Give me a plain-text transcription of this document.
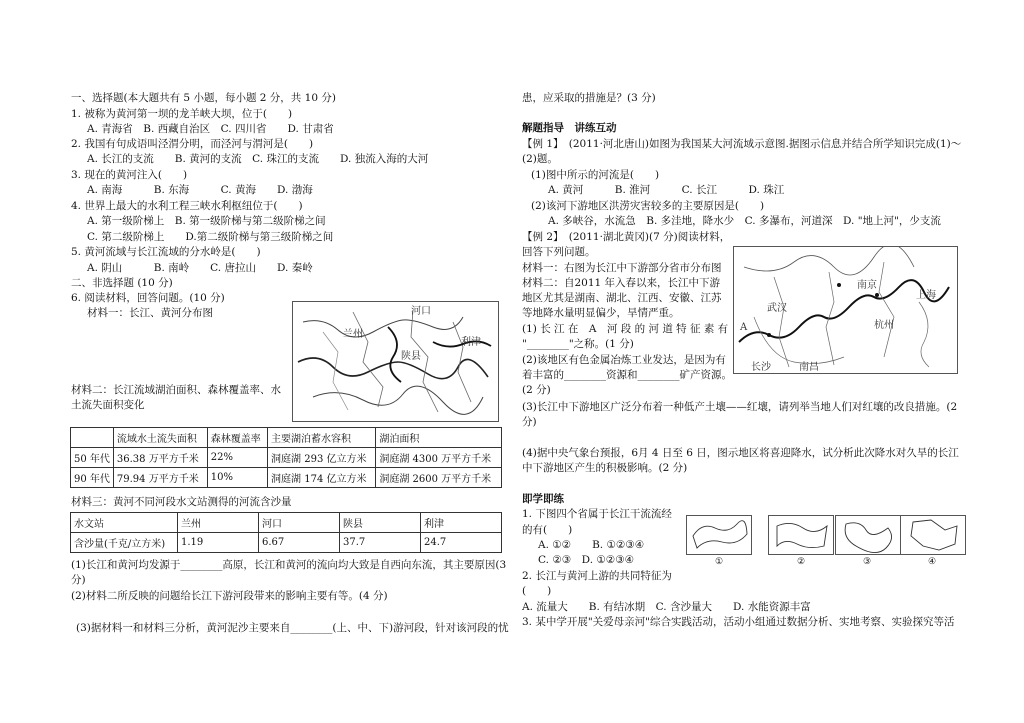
一、选择题(本大题共有 5 小题，每小题 2 分，共 10 分)
1. 被称为黄河第一坝的龙羊峡大坝，位于(　　)
A. 青海省　B. 西藏自治区　C. 四川省　　D. 甘肃省
2. 我国有句成语叫泾渭分明，而泾河与渭河是(　　)
A. 长江的支流　　B. 黄河的支流　C. 珠江的支流　　D. 独流入海的大河
3. 现在的黄河注入(　　)
A. 南海　　　B. 东海　　　C. 黄海　　D. 渤海
4. 世界上最大的水利工程三峡水利枢纽位于(　　)
A. 第一级阶梯上　B. 第一级阶梯与第二级阶梯之间
C. 第二级阶梯上　　D.第二级阶梯与第三级阶梯之间
5. 黄河流域与长江流域的分水岭是(　　)
A. 阴山　　　B. 南岭　　C. 唐拉山　　D. 秦岭
二、非选择题 (10 分)
6. 阅读材料，回答问题。(10 分)
材料一：长江、黄河分布图
兰州
河口
利津
陕县
材料二：长江流域湖泊面积、森林覆盖率、水
土流失面积变化
	流域水土流失面积	森林覆盖率	主要湖泊蓄水容积	湖泊面积
50 年代	36.38 万平方千米	22%	洞庭湖 293 亿立方米	洞庭湖 4300 万平方千米
90 年代	79.94 万平方千米	10%	洞庭湖 174 亿立方米	洞庭湖 2600 万平方千米
材料三：黄河不同河段水文站测得的河流含沙量
水文站	兰州	河口	陕县	利津
含沙量(千克/立方米)	1.19	6.67	37.7	24.7
(1)长江和黄河均发源于________高原，长江和黄河的流向均大致是自西向东流，其主要原因(3
分)
(2)材料二所反映的问题给长江下游河段带来的影响主要有等。(4 分)
(3)据材料一和材料三分析，黄河泥沙主要来自________(上、中、下)游河段，针对该河段的忧
患，应采取的措施是？(3 分)
解题指导　讲练互动
【例 1】　(2011·河北唐山)如图为我国某大河流域示意图.据图示信息并结合所学知识完成(1)～
(2)题。
(1)图中所示的河流是(　　)
A. 黄河　　　B. 淮河　　　C. 长江　　　D. 珠江
(2)该河下游地区洪涝灾害较多的主要原因是(　　)
A. 多峡谷，水流急　B. 多洼地，降水少　C. 多瀑布，河道深　D. "地上河"，少支流
【例 2】　(2011·湖北黄冈)(7 分)阅读材料，
回答下列问题。
材料一：右图为长江中下游部分省市分布图
材料二：自2011 年入春以来，长江中下游
地区尤其是湖南、湖北、江西、安徽、江苏
等地降水量明显偏少，旱情严重。
南京
上海
杭州
武汉
长沙	南昌
A
(1) 长 江 在　A　河 段 的 河 道 特 征 素 有
"________"之称。(1 分)
(2)该地区有色金属冶炼工业发达，是因为有
着丰富的________资源和________矿产资源。
(2 分)
(3)长江中下游地区广泛分布着一种低产土壤——红壤，请列举当地人们对红壤的改良措施。(2
分)
(4)据中央气象台预报，6月 4 日至 6 日，图示地区将喜迎降水，试分析此次降水对久旱的长江
中下游地区产生的积极影响。(2 分)
即学即练
1. 下图四个省属于长江干流流经
的有(　　)
A. ①②　　B. ①②③④
C. ②③　D. ①②③④	①	②	③	④
2. 长江与黄河上游的共同特征为
(　　)
A. 流量大　　B. 有结冰期　C. 含沙量大　　D. 水能资源丰富
3. 某中学开展"关爱母亲河"综合实践活动，活动小组通过数据分析、实地考察、实验探究等活
